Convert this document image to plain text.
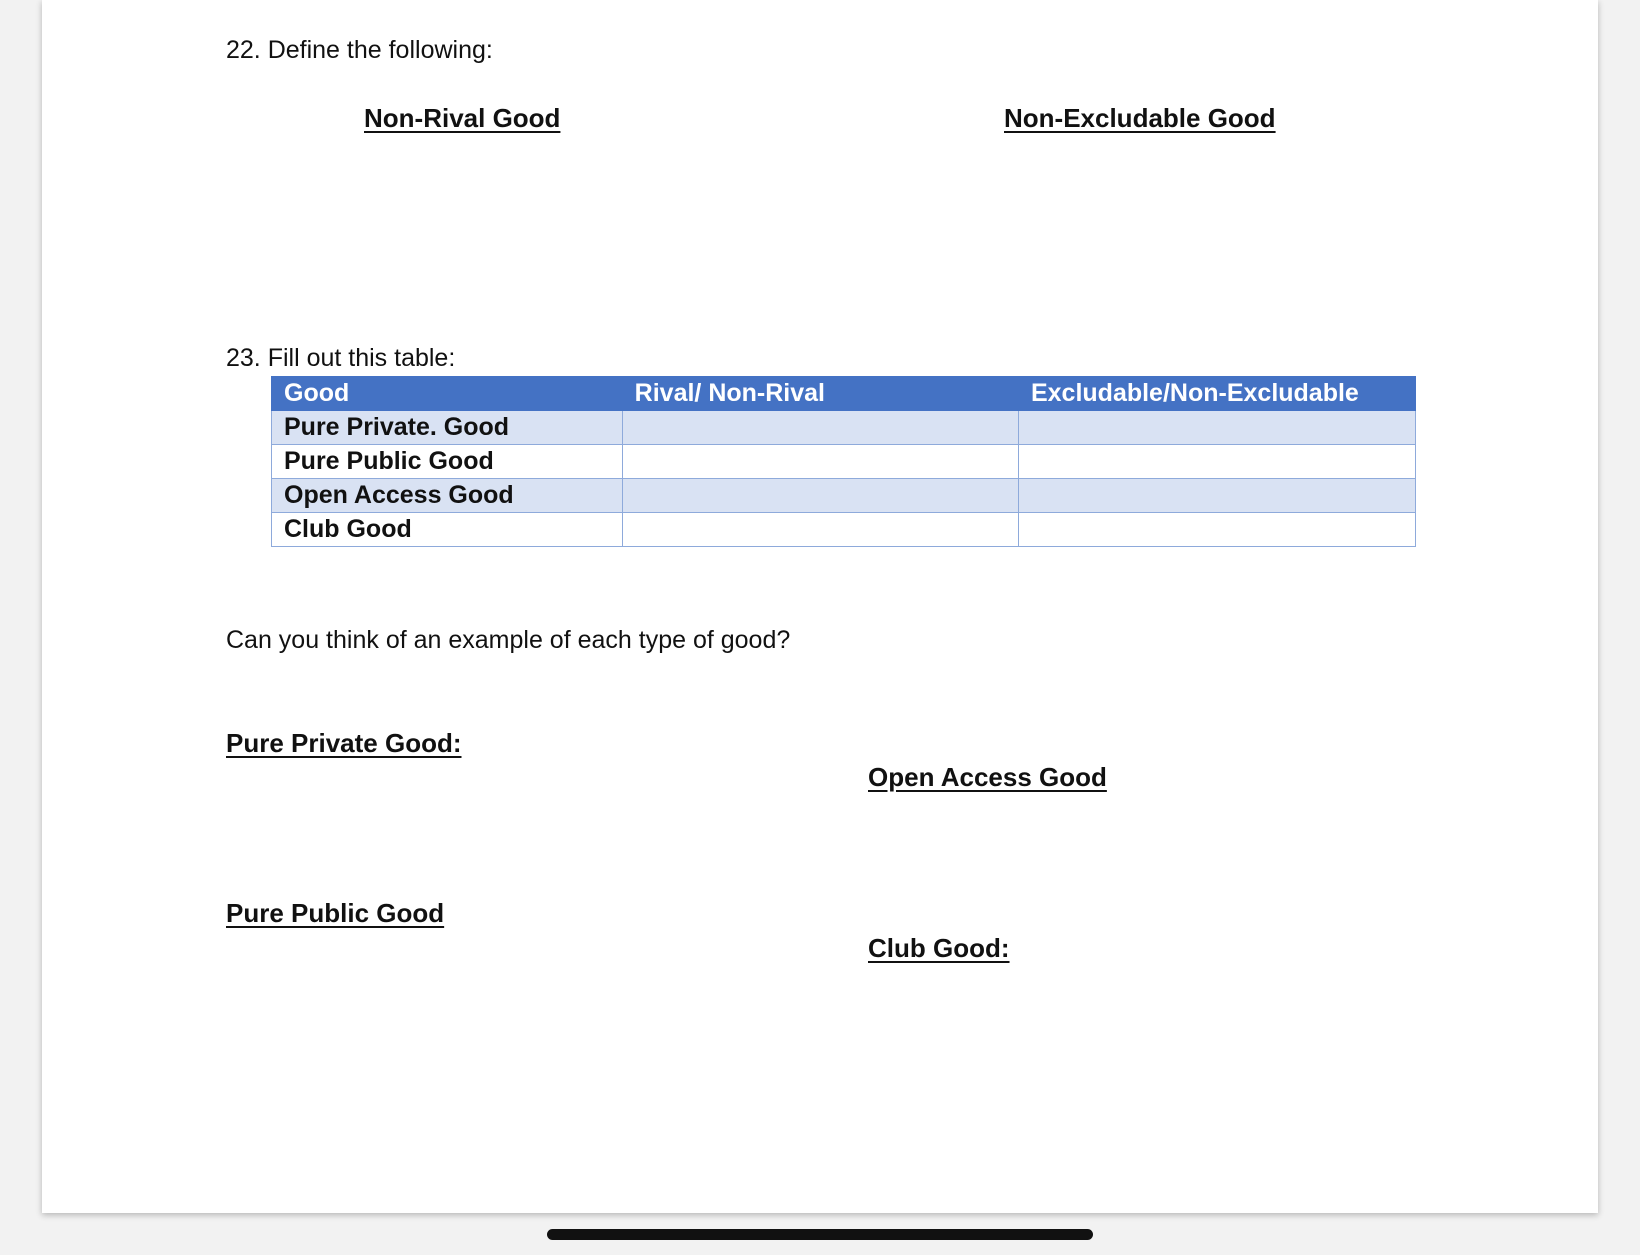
22. Define the following:
Non-Rival Good	Non-Excludable Good
23. Fill out this table:
Good	Rival/ Non-Rival	Excludable/Non-Excludable
Pure Private. Good		
Pure Public Good		
Open Access Good		
Club Good		
Can you think of an example of each type of good?
Pure Private Good:
Open Access Good
Pure Public Good
Club Good:
